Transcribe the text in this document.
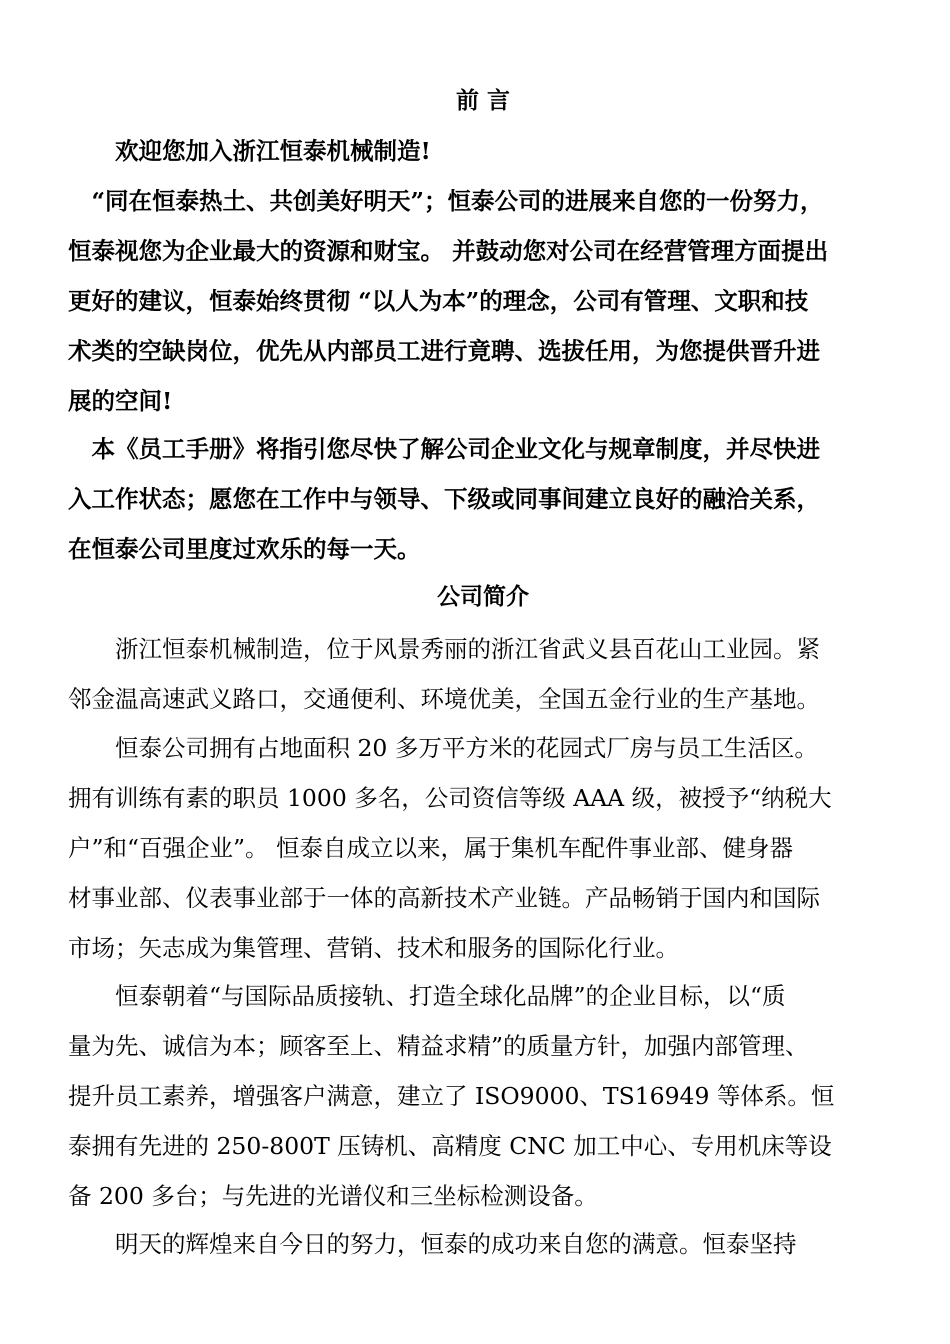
前 言
　　欢迎您加入浙江恒泰机械制造!
　“同在恒泰热土、共创美好明天”；恒泰公司的进展来自您的一份努力，
恒泰视您为企业最大的资源和财宝。 并鼓动您对公司在经营管理方面提出
更好的建议，恒泰始终贯彻 “以人为本”的理念，公司有管理、文职和技
术类的空缺岗位，优先从内部员工进行竟聘、选拔任用，为您提供晋升进
展的空间!
　本《员工手册》将指引您尽快了解公司企业文化与规章制度，并尽快进
入工作状态；愿您在工作中与领导、下级或同事间建立良好的融洽关系，
在恒泰公司里度过欢乐的每一天。
公司简介
　　浙江恒泰机械制造，位于风景秀丽的浙江省武义县百花山工业园。紧
邻金温高速武义路口，交通便利、环境优美，全国五金行业的生产基地。
　　恒泰公司拥有占地面积 20 多万平方米的花园式厂房与员工生活区。
拥有训练有素的职员 1000 多名，公司资信等级 AAA 级，被授予“纳税大
户”和“百强企业”。 恒泰自成立以来，属于集机车配件事业部、健身器
材事业部、仪表事业部于一体的高新技术产业链。产品畅销于国内和国际
市场；矢志成为集管理、营销、技术和服务的国际化行业。
　　恒泰朝着“与国际品质接轨、打造全球化品牌”的企业目标，以“质
量为先、诚信为本；顾客至上、精益求精”的质量方针，加强内部管理、
提升员工素养，增强客户满意，建立了 ISO9000、TS16949 等体系。恒
泰拥有先进的 250-800T 压铸机、高精度 CNC 加工中心、专用机床等设
备 200 多台；与先进的光谱仪和三坐标检测设备。
　　明天的辉煌来自今日的努力，恒泰的成功来自您的满意。恒泰坚持
